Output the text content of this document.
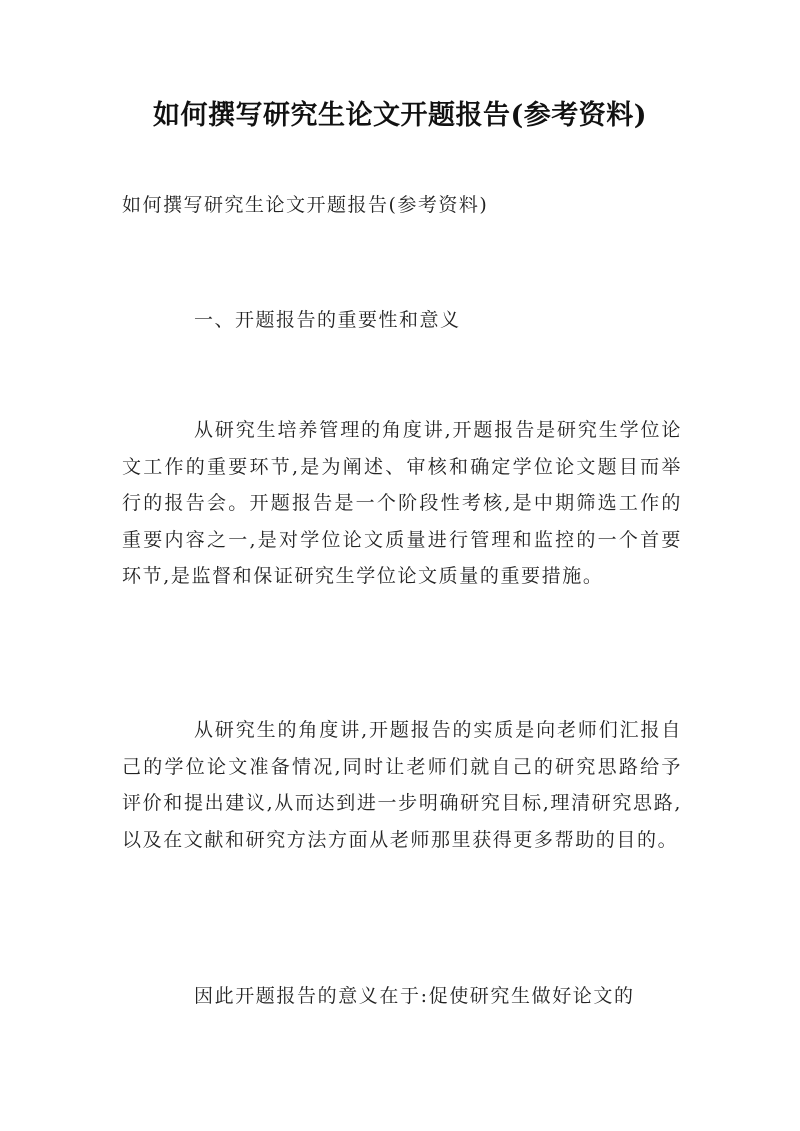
如何撰写研究生论文开题报告(参考资料)
如何撰写研究生论文开题报告(参考资料)
一、开题报告的重要性和意义

从研究生培养管理的角度讲,开题报告是研究生学位论文工作的重要环节,是为阐述、审核和确定学位论文题目而举行的报告会。开题报告是一个阶段性考核,是中期筛选工作的重要内容之一,是对学位论文质量进行管理和监控的一个首要环节,是监督和保证研究生学位论文质量的重要措施。

从研究生的角度讲,开题报告的实质是向老师们汇报自己的学位论文准备情况,同时让老师们就自己的研究思路给予评价和提出建议,从而达到进一步明确研究目标,理清研究思路,以及在文献和研究方法方面从老师那里获得更多帮助的目的。

因此开题报告的意义在于:促使研究生做好论文的
